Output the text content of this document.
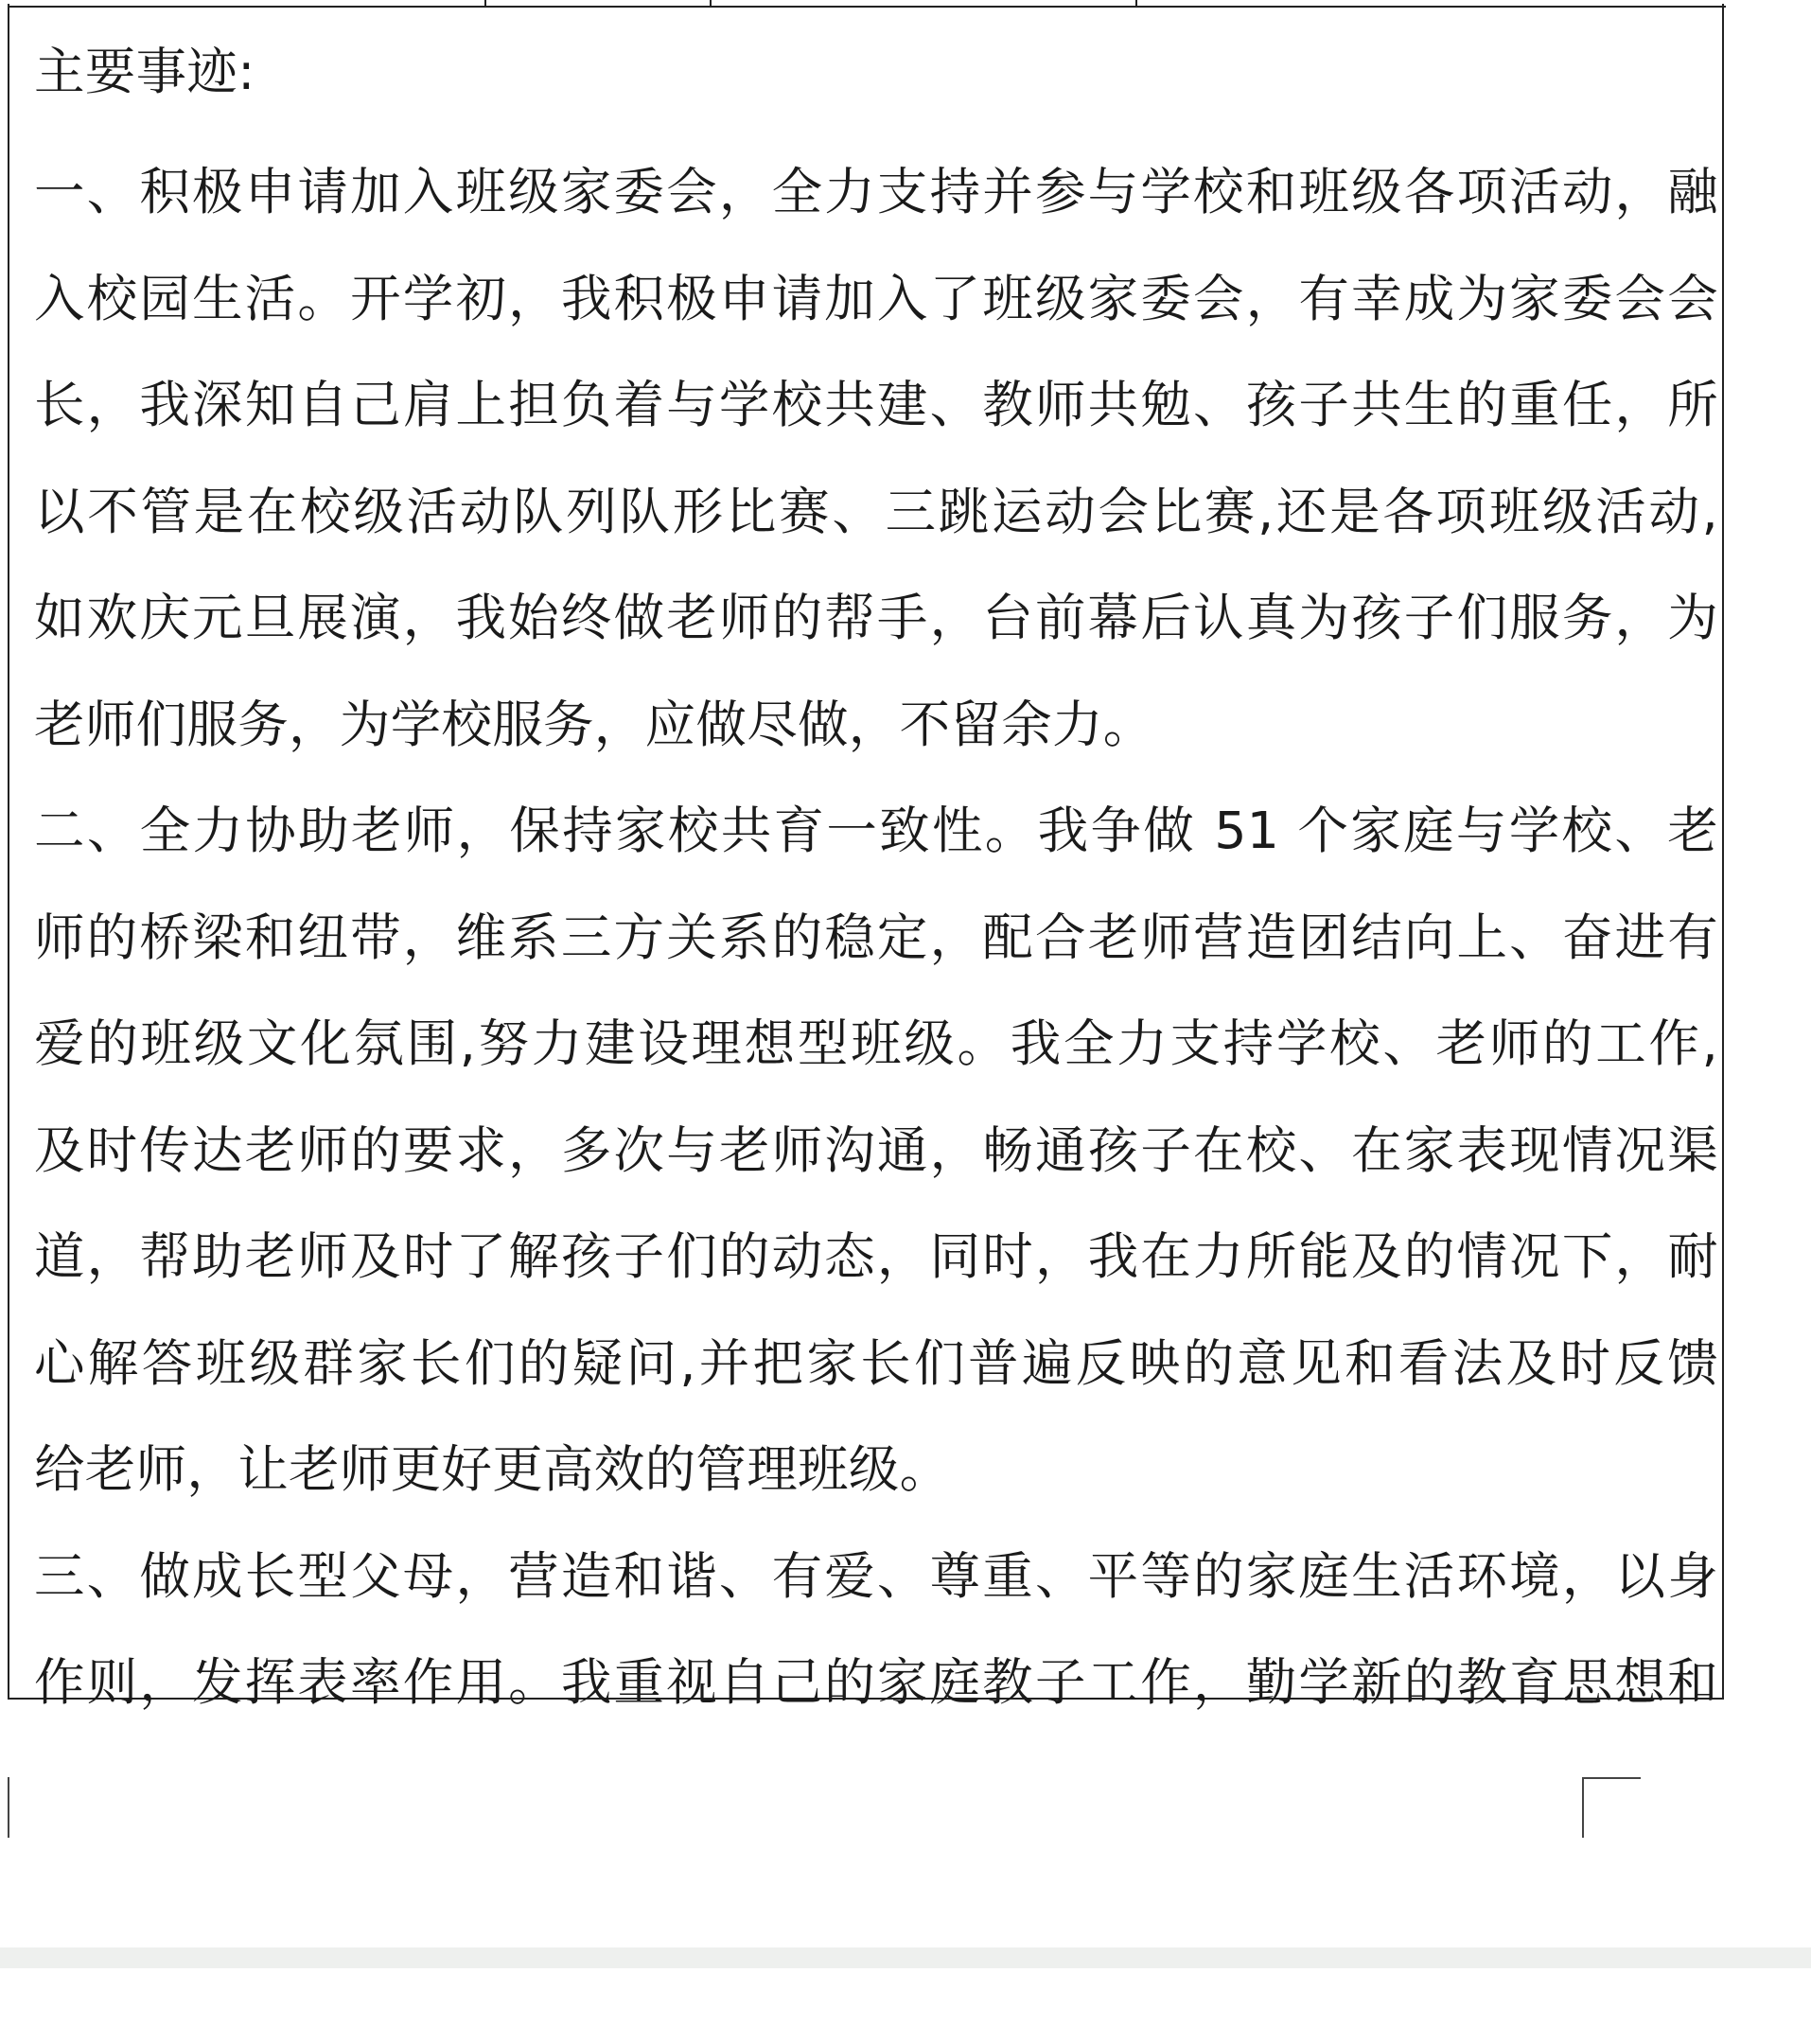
主要事迹:
一、积极申请加入班级家委会，全力支持并参与学校和班级各项活动，融
入校园生活。开学初，我积极申请加入了班级家委会，有幸成为家委会会
长，我深知自己肩上担负着与学校共建、教师共勉、孩子共生的重任，所
以不管是在校级活动队列队形比赛、三跳运动会比赛,还是各项班级活动,
如欢庆元旦展演，我始终做老师的帮手，台前幕后认真为孩子们服务，为
老师们服务，为学校服务，应做尽做，不留余力。
二、全力协助老师，保持家校共育一致性。我争做 51 个家庭与学校、老
师的桥梁和纽带，维系三方关系的稳定，配合老师营造团结向上、奋进有
爱的班级文化氛围,努力建设理想型班级。我全力支持学校、老师的工作,
及时传达老师的要求，多次与老师沟通，畅通孩子在校、在家表现情况渠
道，帮助老师及时了解孩子们的动态，同时，我在力所能及的情况下，耐
心解答班级群家长们的疑问,并把家长们普遍反映的意见和看法及时反馈
给老师，让老师更好更高效的管理班级。
三、做成长型父母，营造和谐、有爱、尊重、平等的家庭生活环境，以身
作则，发挥表率作用。我重视自己的家庭教子工作，勤学新的教育思想和
